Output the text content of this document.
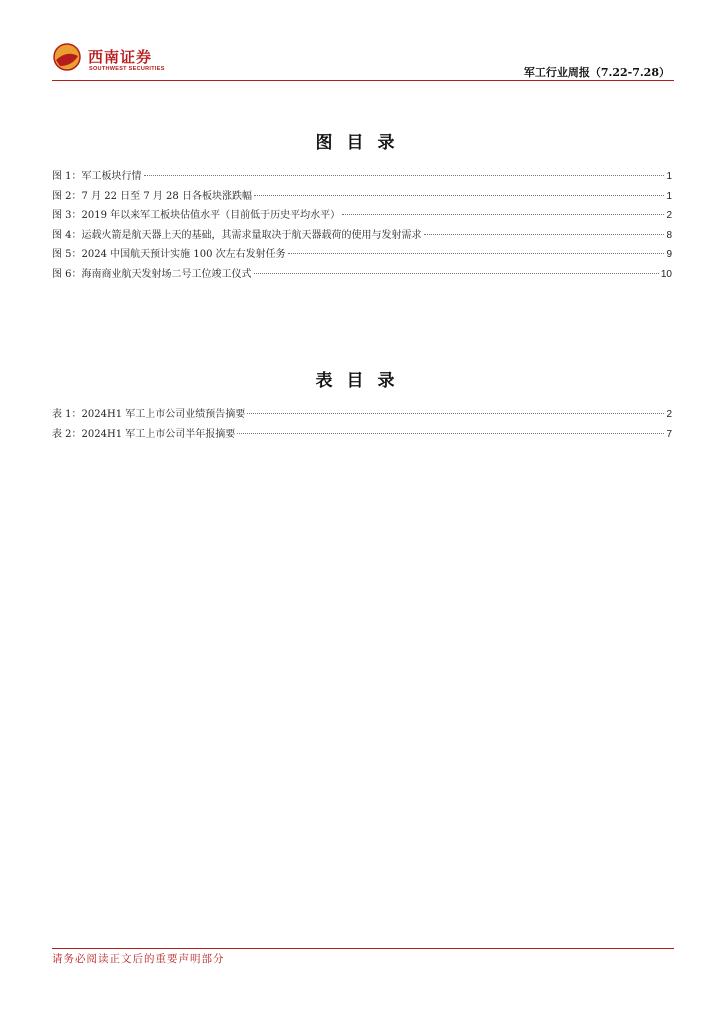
西南证券
SOUTHWEST SECURITIES	军工行业周报（7.22-7.28）
图目录
图 1：军工板块行情	1
图 2：7 月 22 日至 7 月 28 日各板块涨跌幅	1
图 3：2019 年以来军工板块估值水平（目前低于历史平均水平）	2
图 4：运载火箭是航天器上天的基础，其需求量取决于航天器载荷的使用与发射需求	8
图 5：2024 中国航天预计实施 100 次左右发射任务	9
图 6：海南商业航天发射场二号工位竣工仪式	10
表目录
表 1：2024H1 军工上市公司业绩预告摘要	2
表 2：2024H1 军工上市公司半年报摘要	7
请务必阅读正文后的重要声明部分
